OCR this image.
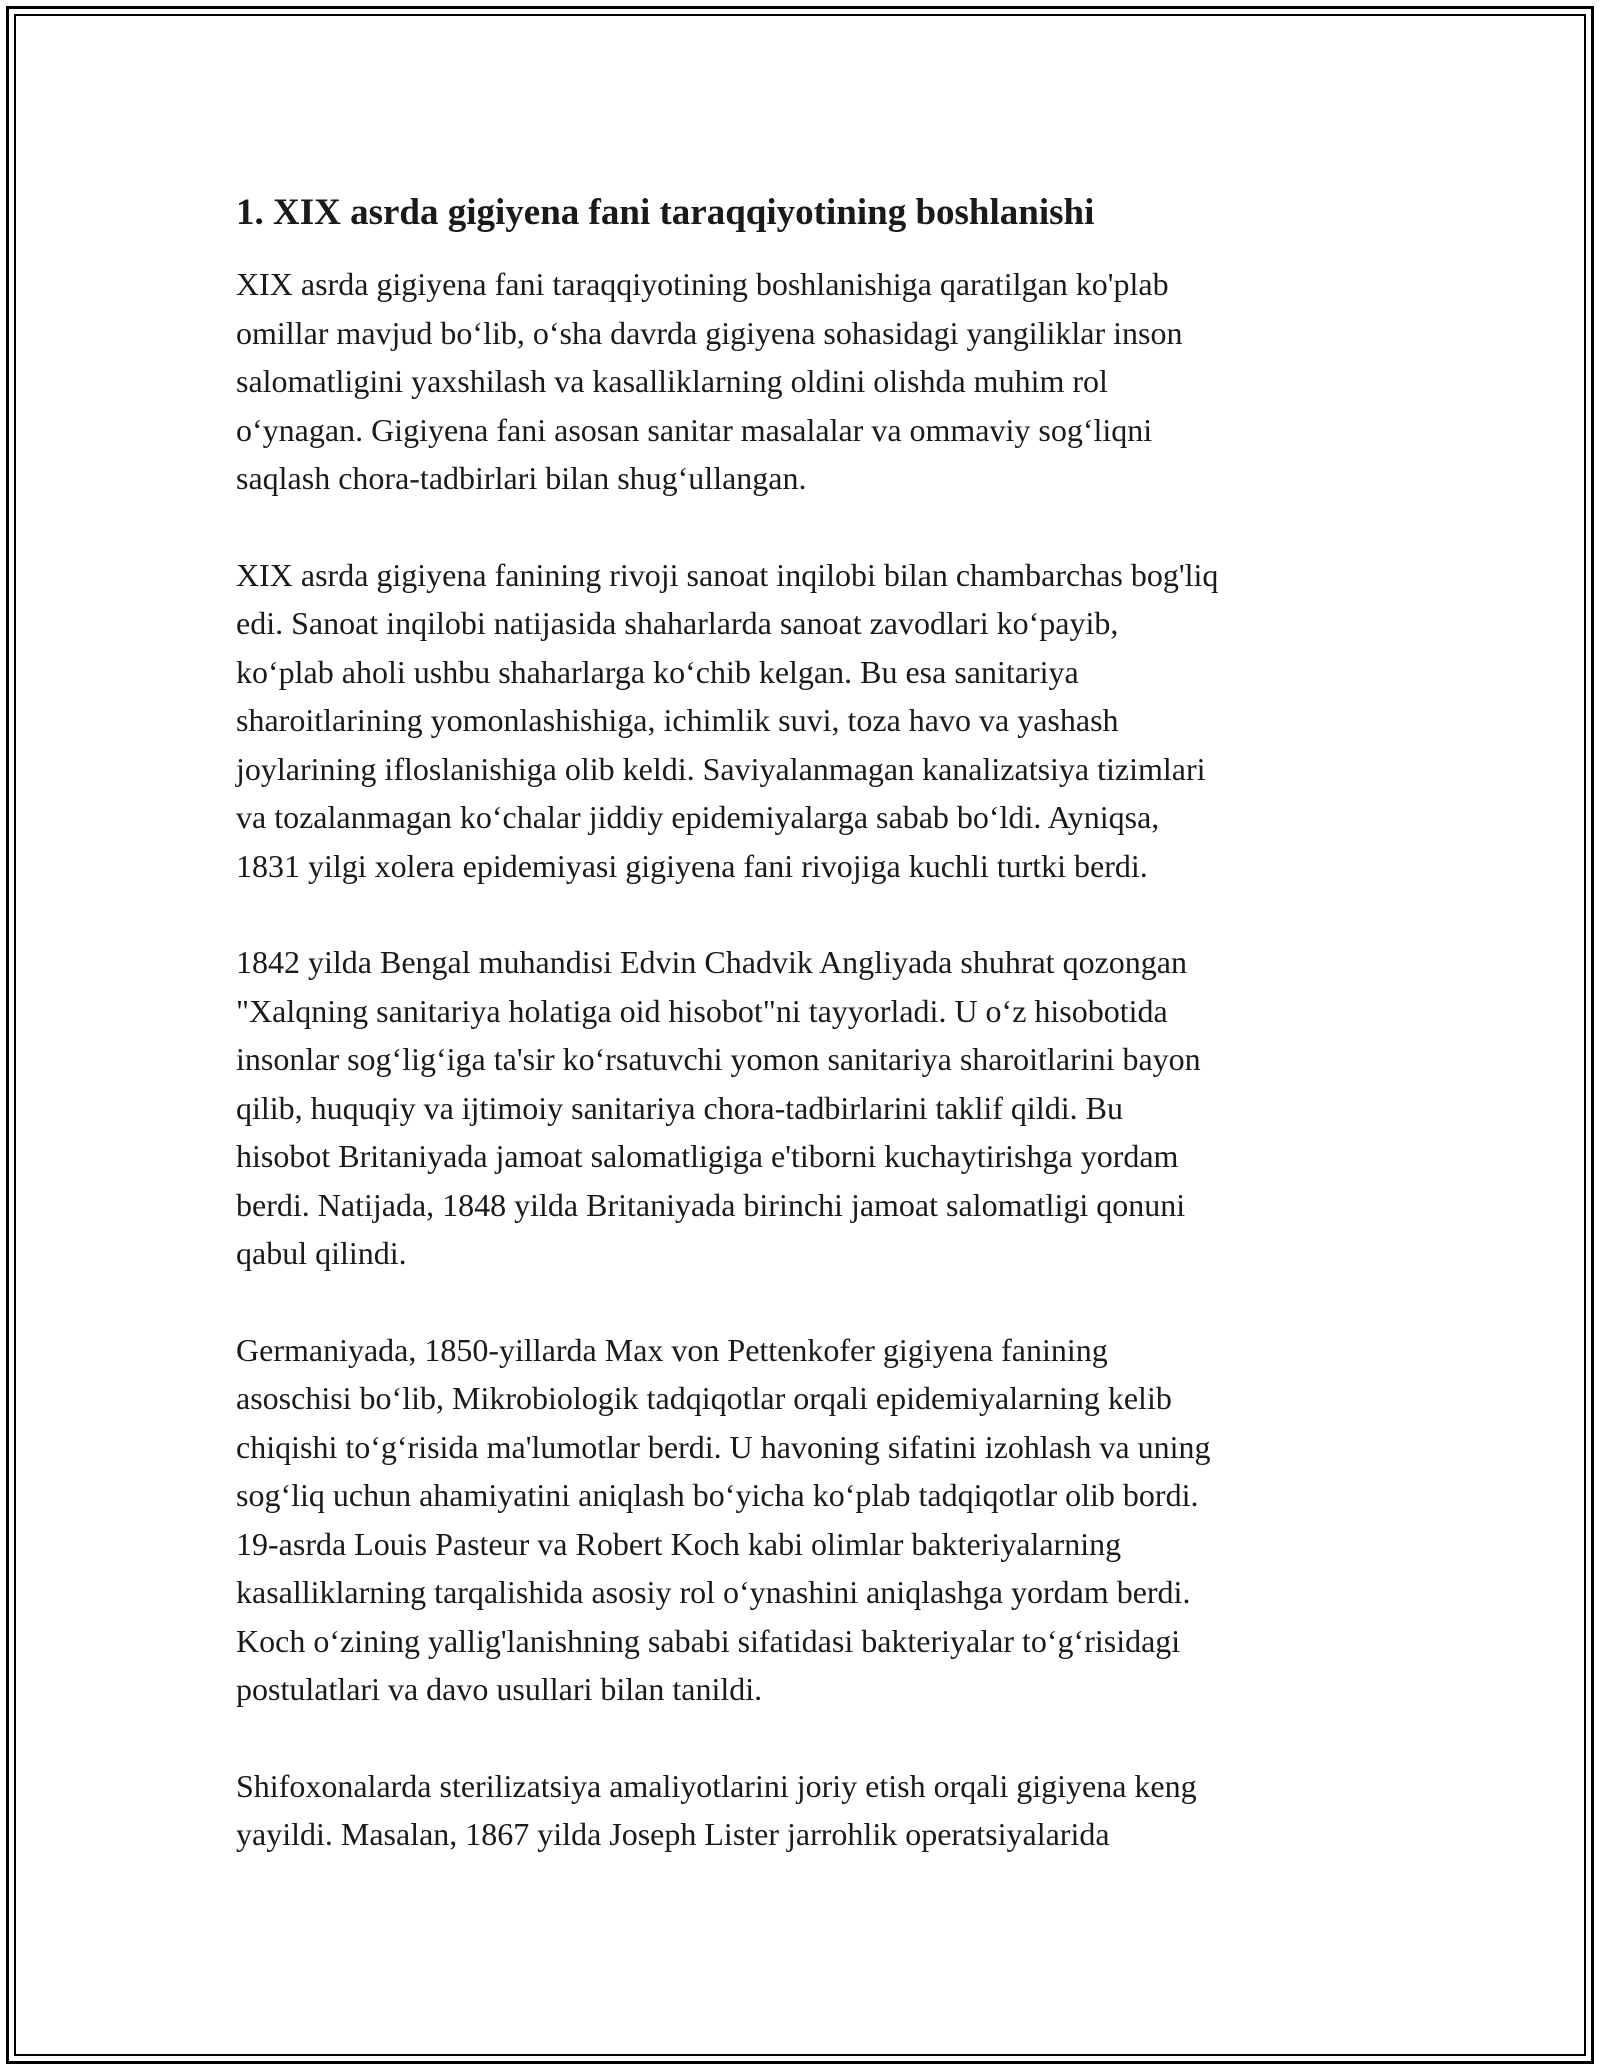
1. XIX asrda gigiyena fani taraqqiyotining boshlanishi

XIX asrda gigiyena fani taraqqiyotining boshlanishiga qaratilgan ko'plab
omillar mavjud bo‘lib, o‘sha davrda gigiyena sohasidagi yangiliklar inson
salomatligini yaxshilash va kasalliklarning oldini olishda muhim rol
o‘ynagan. Gigiyena fani asosan sanitar masalalar va ommaviy sog‘liqni
saqlash chora-tadbirlari bilan shug‘ullangan.

XIX asrda gigiyena fanining rivoji sanoat inqilobi bilan chambarchas bog'liq
edi. Sanoat inqilobi natijasida shaharlarda sanoat zavodlari ko‘payib,
ko‘plab aholi ushbu shaharlarga ko‘chib kelgan. Bu esa sanitariya
sharoitlarining yomonlashishiga, ichimlik suvi, toza havo va yashash
joylarining ifloslanishiga olib keldi. Saviyalanmagan kanalizatsiya tizimlari
va tozalanmagan ko‘chalar jiddiy epidemiyalarga sabab bo‘ldi. Ayniqsa,
1831 yilgi xolera epidemiyasi gigiyena fani rivojiga kuchli turtki berdi.

1842 yilda Bengal muhandisi Edvin Chadvik Angliyada shuhrat qozongan
"Xalqning sanitariya holatiga oid hisobot"ni tayyorladi. U o‘z hisobotida
insonlar sog‘lig‘iga ta'sir ko‘rsatuvchi yomon sanitariya sharoitlarini bayon
qilib, huquqiy va ijtimoiy sanitariya chora-tadbirlarini taklif qildi. Bu
hisobot Britaniyada jamoat salomatligiga e'tiborni kuchaytirishga yordam
berdi. Natijada, 1848 yilda Britaniyada birinchi jamoat salomatligi qonuni
qabul qilindi.

Germaniyada, 1850-yillarda Max von Pettenkofer gigiyena fanining
asoschisi bo‘lib, Mikrobiologik tadqiqotlar orqali epidemiyalarning kelib
chiqishi to‘g‘risida ma'lumotlar berdi. U havoning sifatini izohlash va uning
sog‘liq uchun ahamiyatini aniqlash bo‘yicha ko‘plab tadqiqotlar olib bordi.
19-asrda Louis Pasteur va Robert Koch kabi olimlar bakteriyalarning
kasalliklarning tarqalishida asosiy rol o‘ynashini aniqlashga yordam berdi.
Koch o‘zining yallig'lanishning sababi sifatidasi bakteriyalar to‘g‘risidagi
postulatlari va davo usullari bilan tanildi.

Shifoxonalarda sterilizatsiya amaliyotlarini joriy etish orqali gigiyena keng
yayildi. Masalan, 1867 yilda Joseph Lister jarrohlik operatsiyalarida
